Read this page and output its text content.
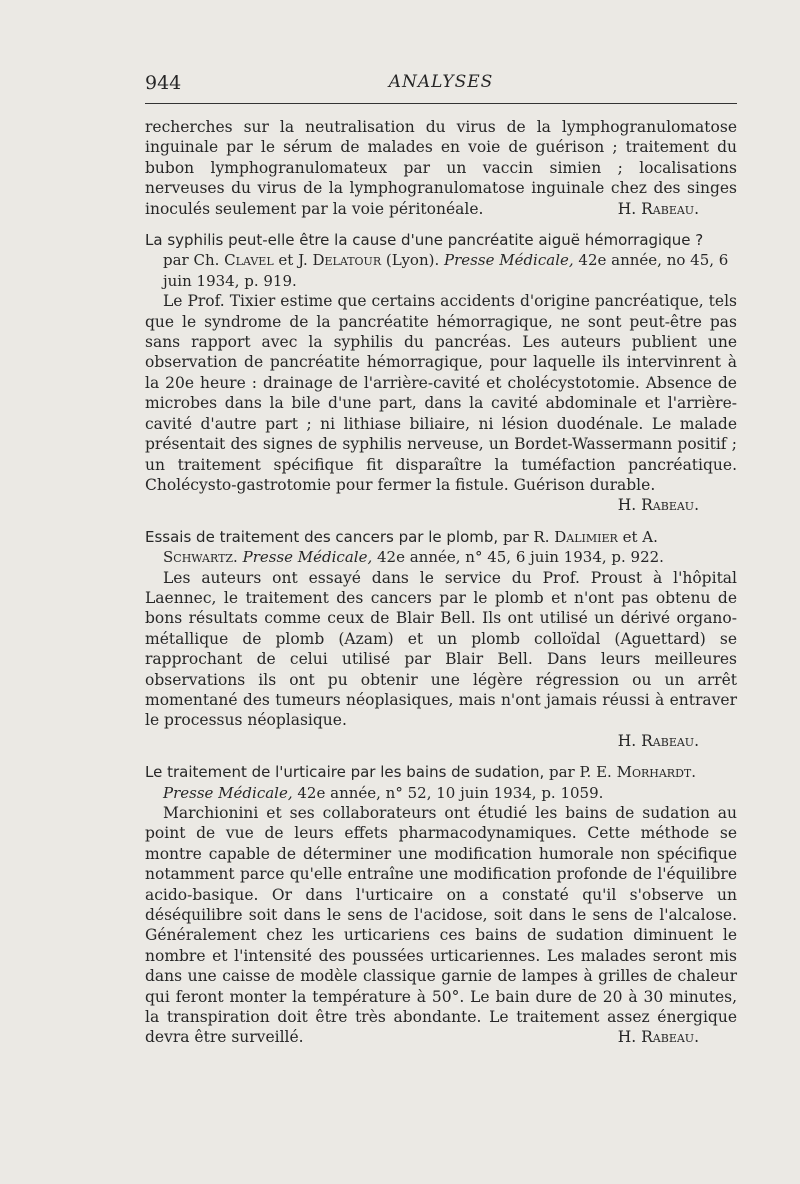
944	ANALYSES

recherches sur la neutralisation du virus de la lymphogranulomatose inguinale par le sérum de malades en voie de guérison ; traitement du bubon lymphogranulomateux par un vaccin simien ; localisations nerveuses du virus de la lymphogranulomatose inguinale chez des singes inoculés seulement par la voie péritonéale.	H. Rabeau.

La syphilis peut-elle être la cause d'une pancréatite aiguë hémorragique ?
par Ch. Clavel et J. Delatour (Lyon). Presse Médicale, 42e année, no 45, 6 juin 1934, p. 919.

Le Prof. Tixier estime que certains accidents d'origine pancréatique, tels que le syndrome de la pancréatite hémorragique, ne sont peut-être pas sans rapport avec la syphilis du pancréas. Les auteurs publient une observation de pancréatite hémorragique, pour laquelle ils intervinrent à la 20e heure : drainage de l'arrière-cavité et cholécystotomie. Absence de microbes dans la bile d'une part, dans la cavité abdominale et l'arrière-cavité d'autre part ; ni lithiase biliaire, ni lésion duodénale. Le malade présentait des signes de syphilis nerveuse, un Bordet-Wassermann positif ; un traitement spécifique fit disparaître la tuméfaction pancréatique. Cholécysto-gastrotomie pour fermer la fistule. Guérison durable.

H. Rabeau.
Essais de traitement des cancers par le plomb, par R. Dalimier et A.
Schwartz. Presse Médicale, 42e année, n° 45, 6 juin 1934, p. 922.

Les auteurs ont essayé dans le service du Prof. Proust à l'hôpital Laennec, le traitement des cancers par le plomb et n'ont pas obtenu de bons résultats comme ceux de Blair Bell. Ils ont utilisé un dérivé organo-métallique de plomb (Azam) et un plomb colloïdal (Aguettard) se rapprochant de celui utilisé par Blair Bell. Dans leurs meilleures observations ils ont pu obtenir une légère régression ou un arrêt momentané des tumeurs néoplasiques, mais n'ont jamais réussi à entraver le processus néoplasique.

H. Rabeau.
Le traitement de l'urticaire par les bains de sudation, par P. E. Morhardt.
Presse Médicale, 42e année, n° 52, 10 juin 1934, p. 1059.

Marchionini et ses collaborateurs ont étudié les bains de sudation au point de vue de leurs effets pharmacodynamiques. Cette méthode se montre capable de déterminer une modification humorale non spécifique notamment parce qu'elle entraîne une modification profonde de l'équilibre acido-basique. Or dans l'urticaire on a constaté qu'il s'observe un déséquilibre soit dans le sens de l'acidose, soit dans le sens de l'alcalose. Généralement chez les urticariens ces bains de sudation diminuent le nombre et l'intensité des poussées urticariennes. Les malades seront mis dans une caisse de modèle classique garnie de lampes à grilles de chaleur qui feront monter la température à 50°. Le bain dure de 20 à 30 minutes, la transpiration doit être très abondante. Le traitement assez énergique devra être surveillé.	H. Rabeau.
